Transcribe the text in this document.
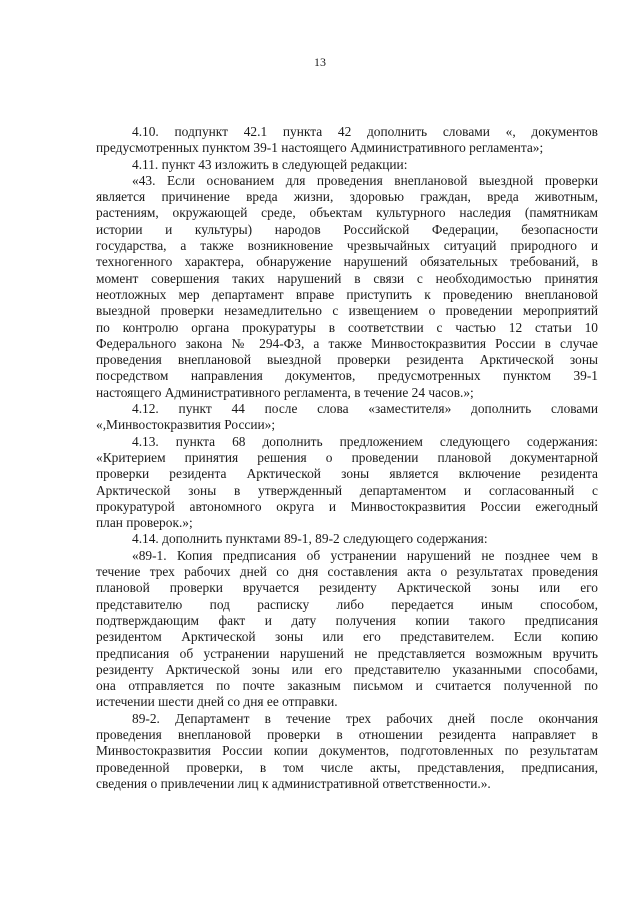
13
4.10. подпункт 42.1 пункта 42 дополнить словами «, документов
предусмотренных пунктом 39-1 настоящего Административного регламента»;
4.11. пункт 43 изложить в следующей редакции:
«43. Если основанием для проведения внеплановой выездной проверки
является причинение вреда жизни, здоровью граждан, вреда животным,
растениям, окружающей среде, объектам культурного наследия (памятникам
истории и культуры) народов Российской Федерации, безопасности
государства, а также возникновение чрезвычайных ситуаций природного и
техногенного характера, обнаружение нарушений обязательных требований, в
момент совершения таких нарушений в связи с необходимостью принятия
неотложных мер департамент вправе приступить к проведению внеплановой
выездной проверки незамедлительно с извещением о проведении мероприятий
по контролю органа прокуратуры в соответствии с частью 12 статьи 10
Федерального закона № 294-ФЗ, а также Минвостокразвития России в случае
проведения внеплановой выездной проверки резидента Арктической зоны
посредством направления документов, предусмотренных пунктом 39-1
настоящего Административного регламента, в течение 24 часов.»;
4.12. пункт 44 после слова «заместителя» дополнить словами
«,Минвостокразвития России»;
4.13. пункта 68 дополнить предложением следующего содержания:
«Критерием принятия решения о проведении плановой документарной
проверки резидента Арктической зоны является включение резидента
Арктической зоны в утвержденный департаментом и согласованный с
прокуратурой автономного округа и Минвостокразвития России ежегодный
план проверок.»;
4.14. дополнить пунктами 89-1, 89-2 следующего содержания:
«89-1. Копия предписания об устранении нарушений не позднее чем в
течение трех рабочих дней со дня составления акта о результатах проведения
плановой проверки вручается резиденту Арктической зоны или его
представителю под расписку либо передается иным способом,
подтверждающим факт и дату получения копии такого предписания
резидентом Арктической зоны или его представителем. Если копию
предписания об устранении нарушений не представляется возможным вручить
резиденту Арктической зоны или его представителю указанными способами,
она отправляется по почте заказным письмом и считается полученной по
истечении шести дней со дня ее отправки.
89-2. Департамент в течение трех рабочих дней после окончания
проведения внеплановой проверки в отношении резидента направляет в
Минвостокразвития России копии документов, подготовленных по результатам
проведенной проверки, в том числе акты, представления, предписания,
сведения о привлечении лиц к административной ответственности.».
